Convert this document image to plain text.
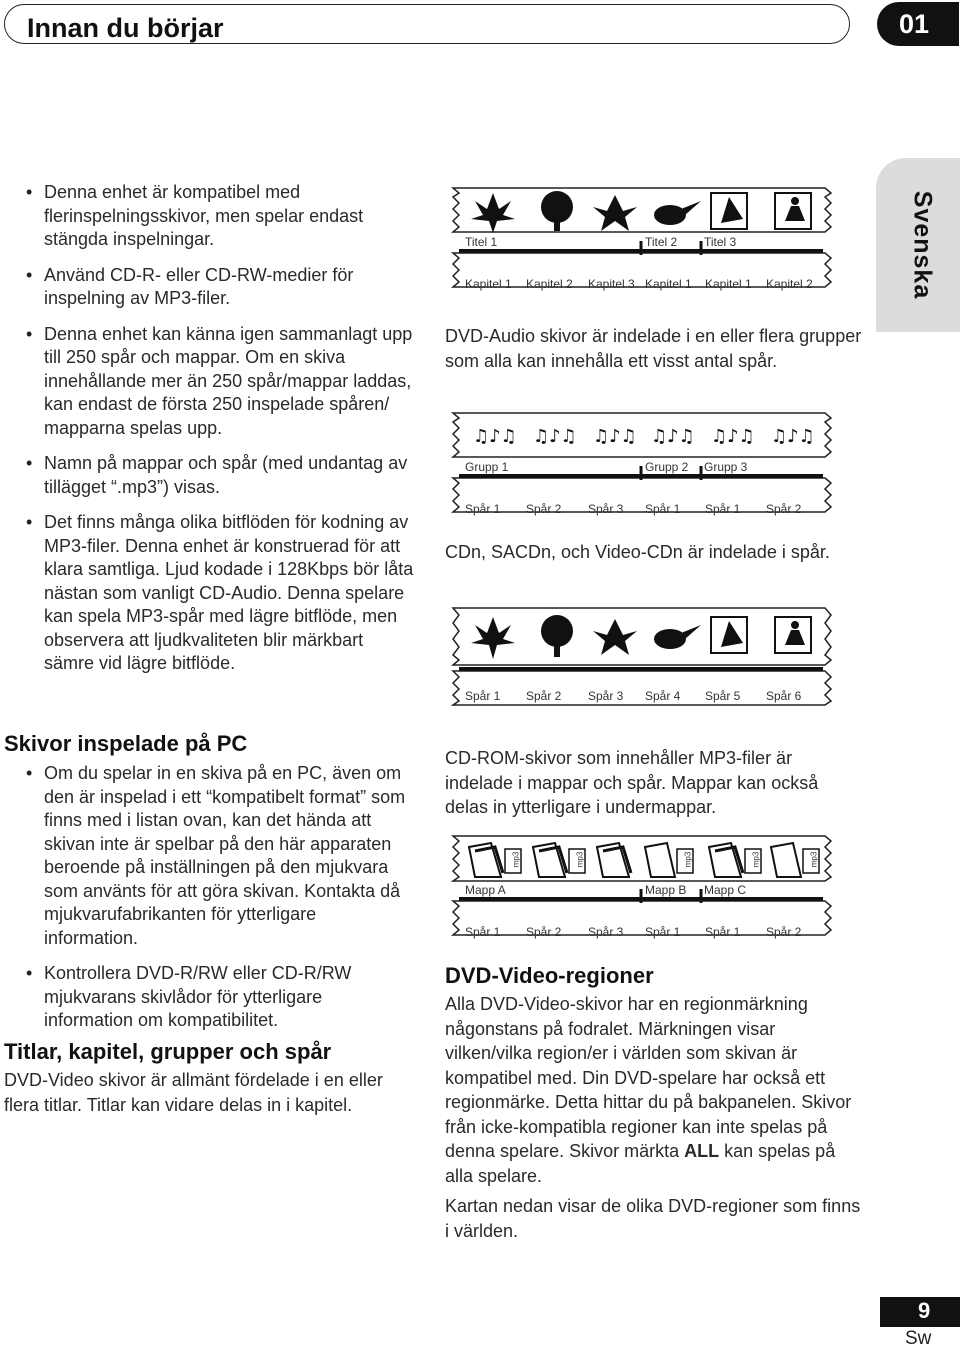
Innan du börjar	01
Svenska
• Denna enhet är kompatibel med flerinspelningsskivor, men spelar endast stängda inspelningar.
• Använd CD-R- eller CD-RW-medier för inspelning av MP3-filer.
• Denna enhet kan känna igen sammanlagt upp till 250 spår och mappar. Om en skiva innehållande mer än 250 spår/mappar laddas, kan endast de första 250 inspelade spåren/ mapparna spelas upp.
• Namn på mappar och spår (med undantag av tillägget “.mp3”) visas.
• Det finns många olika bitflöden för kodning av MP3-filer. Denna enhet är konstruerad för att klara samtliga. Ljud kodade i 128Kbps bör låta nästan som vanligt CD-Audio. Denna spelare kan spela MP3-spår med lägre bitflöde, men observera att ljudkvaliteten blir märkbart sämre vid lägre bitflöde.
Skivor inspelade på PC
• Om du spelar in en skiva på en PC, även om den är inspelad i ett “kompatibelt format” som finns med i listan ovan, kan det hända att skivan inte är spelbar på den här apparaten beroende på inställningen på den mjukvara som använts för att göra skivan. Kontakta då mjukvarufabrikanten för ytterligare information.
• Kontrollera DVD-R/RW eller CD-R/RW mjukvarans skivlådor för ytterligare information om kompatibilitet.
Titlar, kapitel, grupper och spår

DVD-Video skivor är allmänt fördelade i en eller flera titlar. Titlar kan vidare delas in i kapitel.

Titel 1	Titel 2 Titel 3
Kapitel 1 Kapitel 2 Kapitel 3 Kapitel 1 Kapitel 1 Kapitel 2

DVD-Audio skivor är indelade i en eller flera grupper som alla kan innehålla ett visst antal spår.

♫♪♫ ♫♪♫ ♫♪♫ ♫♪♫ ♫♪♫ ♫♪♫
Grupp 1	Grupp 2 Grupp 3
Spår 1 Spår 2 Spår 3 Spår 1 Spår 1 Spår 2

CDn, SACDn, och Video-CDn är indelade i spår.

Spår 1 Spår 2 Spår 3 Spår 4 Spår 5 Spår 6

CD-ROM-skivor som innehåller MP3-filer är indelade i mappar och spår. Mappar kan också delas in ytterligare i undermappar.

mp3	mp3	mp3	mp3	mp3
Mapp A	Mapp B Mapp C
Spår 1 Spår 2 Spår 3 Spår 1 Spår 1 Spår 2
DVD-Video-regioner

Alla DVD-Video-skivor har en regionmärkning någonstans på fodralet. Märkningen visar vilken/vilka region/er i världen som skivan är kompatibel med. Din DVD-spelare har också ett regionmärke. Detta hittar du på bakpanelen. Skivor från icke-kompatibla regioner kan inte spelas på denna spelare. Skivor märkta ALL kan spelas på alla spelare.

Kartan nedan visar de olika DVD-regioner som finns i världen.

9
Sw
